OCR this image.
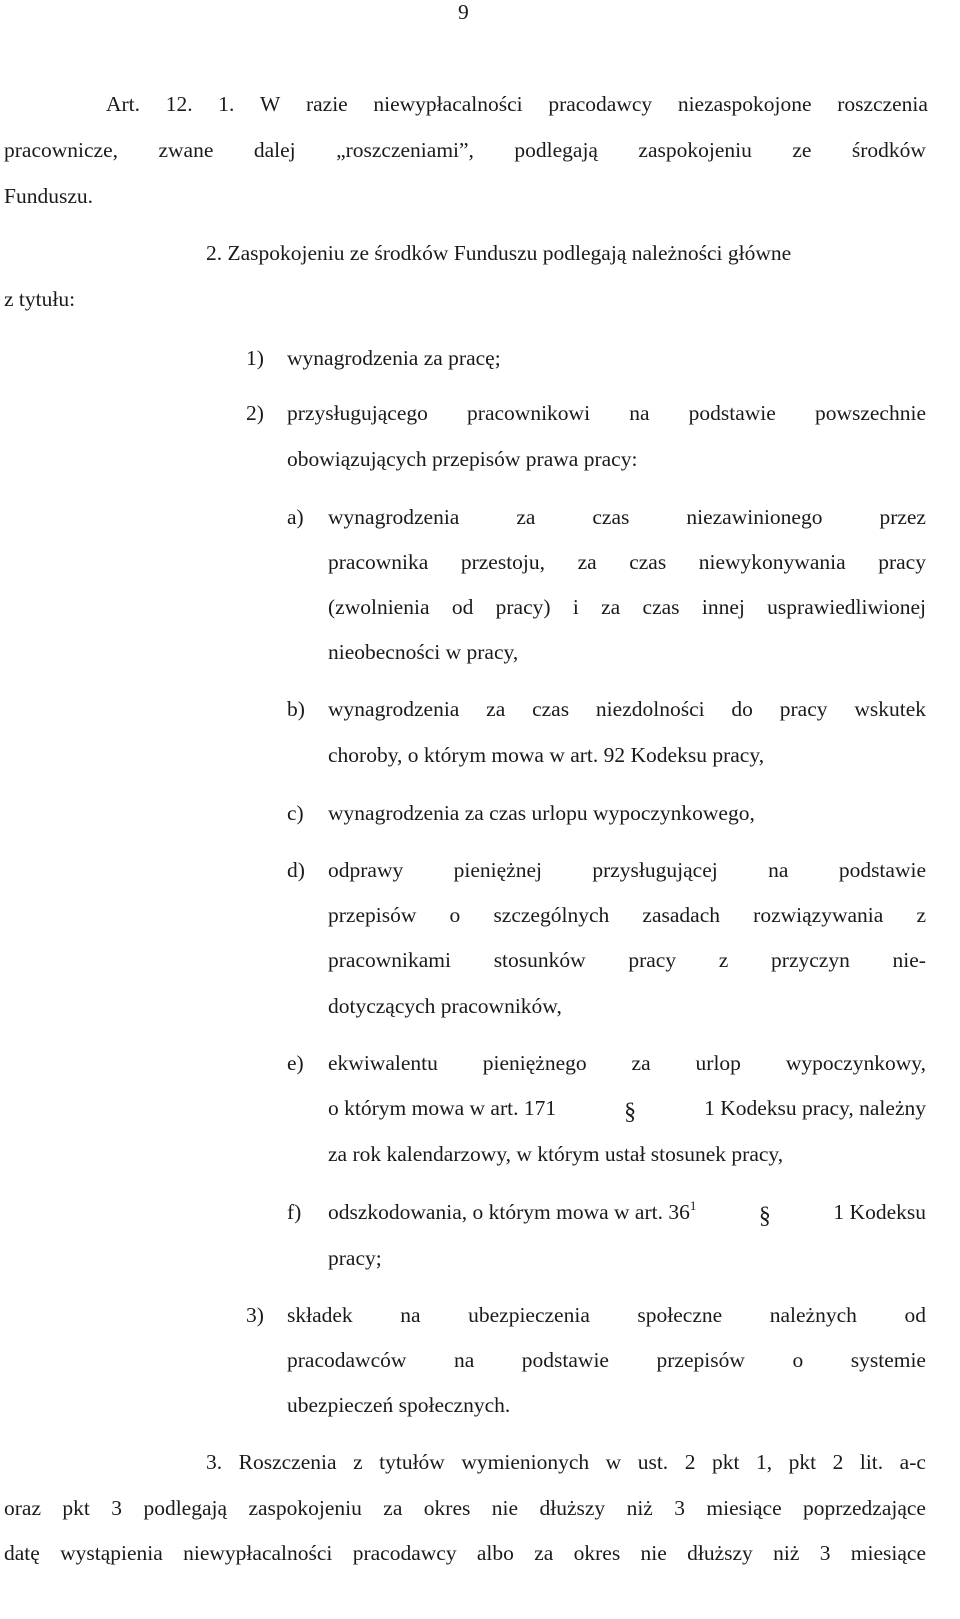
9
Art. 12. 1. W razie niewypłacalności pracodawcy niezaspokojone roszczenia
pracownicze, zwane dalej „roszczeniami”, podlegają zaspokojeniu ze środków
Funduszu.
2. Zaspokojeniu ze środków Funduszu podlegają należności główne
z tytułu:
1) wynagrodzenia za pracę;
2) przysługującego pracownikowi na podstawie powszechnie
obowiązujących przepisów prawa pracy:
a) wynagrodzenia	za	czas	niezawinionego	przez
pracownika przestoju, za czas niewykonywania pracy
(zwolnienia od pracy) i za czas innej usprawiedliwionej
nieobecności w pracy,
b) wynagrodzenia za czas niezdolności do pracy wskutek
choroby, o którym mowa w art. 92 Kodeksu pracy,
c) wynagrodzenia za czas urlopu wypoczynkowego,
d) odprawy pieniężnej przysługującej na podstawie
przepisów o szczególnych zasadach rozwiązywania z
pracownikami stosunków pracy z przyczyn nie-
dotyczących pracowników,
e) ekwiwalentu pieniężnego za urlop wypoczynkowy,
o którym mowa w art. 171	§	1 Kodeksu pracy, należny
za rok kalendarzowy, w którym ustał stosunek pracy,
f) odszkodowania, o którym mowa w art. $36^1$	§	1 Kodeksu
pracy;
3) składek na ubezpieczenia społeczne należnych od
pracodawców na podstawie przepisów o systemie
ubezpieczeń społecznych.
3. Roszczenia z tytułów wymienionych w ust. 2 pkt 1, pkt 2 lit. a-c
oraz pkt 3 podlegają zaspokojeniu za okres nie dłuższy niż 3 miesiące poprzedzające
datę wystąpienia niewypłacalności pracodawcy albo za okres nie dłuższy niż 3 miesiące
